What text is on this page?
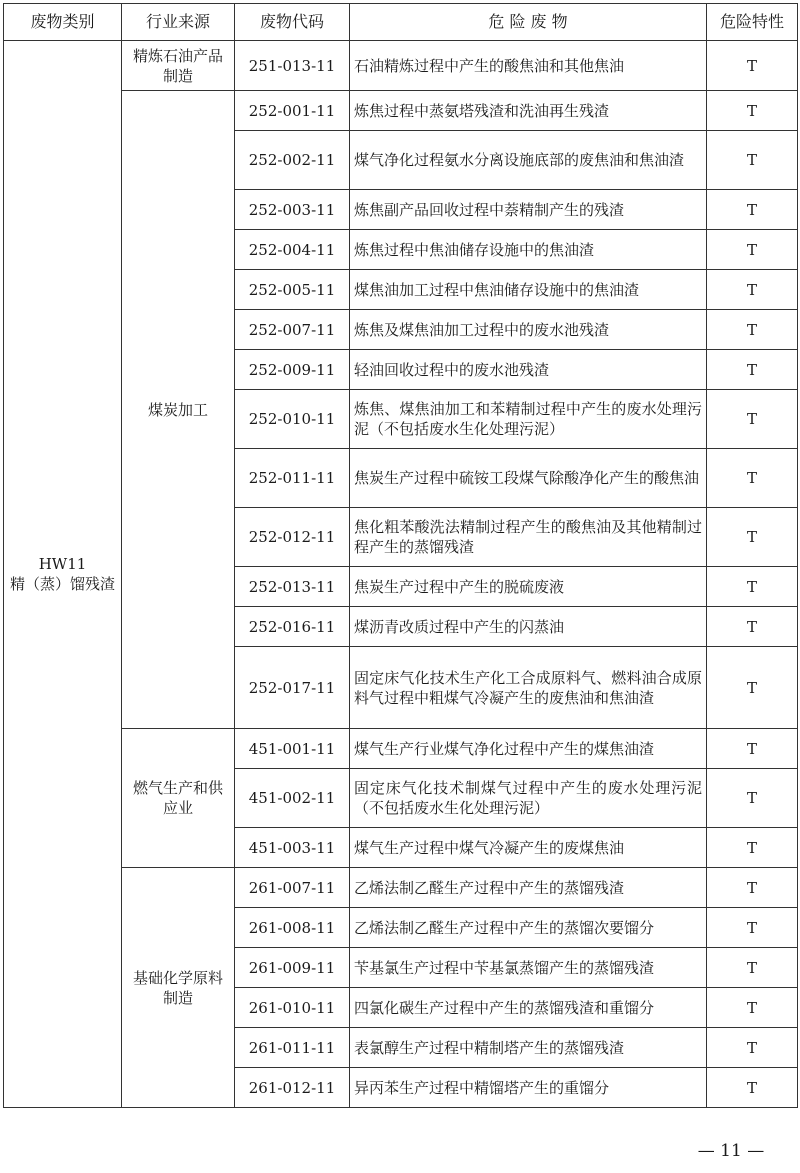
废物类别	行业来源	废物代码	危 险 废 物	危险特性

HW11
精（蒸）馏残渣	精炼石油产品制造	251-013-11	石油精炼过程中产生的酸焦油和其他焦油	T
	煤炭加工	252-001-11	炼焦过程中蒸氨塔残渣和洗油再生残渣	T
		252-002-11	煤气净化过程氨水分离设施底部的废焦油和焦油渣	T
		252-003-11	炼焦副产品回收过程中萘精制产生的残渣	T
		252-004-11	炼焦过程中焦油储存设施中的焦油渣	T
		252-005-11	煤焦油加工过程中焦油储存设施中的焦油渣	T
		252-007-11	炼焦及煤焦油加工过程中的废水池残渣	T
		252-009-11	轻油回收过程中的废水池残渣	T
		252-010-11	炼焦、煤焦油加工和苯精制过程中产生的废水处理污泥（不包括废水生化处理污泥）	T
		252-011-11	焦炭生产过程中硫铵工段煤气除酸净化产生的酸焦油	T
		252-012-11	焦化粗苯酸洗法精制过程产生的酸焦油及其他精制过程产生的蒸馏残渣	T
		252-013-11	焦炭生产过程中产生的脱硫废液	T
		252-016-11	煤沥青改质过程中产生的闪蒸油	T
		252-017-11	固定床气化技术生产化工合成原料气、燃料油合成原料气过程中粗煤气冷凝产生的废焦油和焦油渣	T
	燃气生产和供应业	451-001-11	煤气生产行业煤气净化过程中产生的煤焦油渣	T
		451-002-11	固定床气化技术制煤气过程中产生的废水处理污泥（不包括废水生化处理污泥）	T
		451-003-11	煤气生产过程中煤气冷凝产生的废煤焦油	T
	基础化学原料制造	261-007-11	乙烯法制乙醛生产过程中产生的蒸馏残渣	T
		261-008-11	乙烯法制乙醛生产过程中产生的蒸馏次要馏分	T
		261-009-11	苄基氯生产过程中苄基氯蒸馏产生的蒸馏残渣	T
		261-010-11	四氯化碳生产过程中产生的蒸馏残渣和重馏分	T
		261-011-11	表氯醇生产过程中精制塔产生的蒸馏残渣	T
		261-012-11	异丙苯生产过程中精馏塔产生的重馏分	T
— 11 —
